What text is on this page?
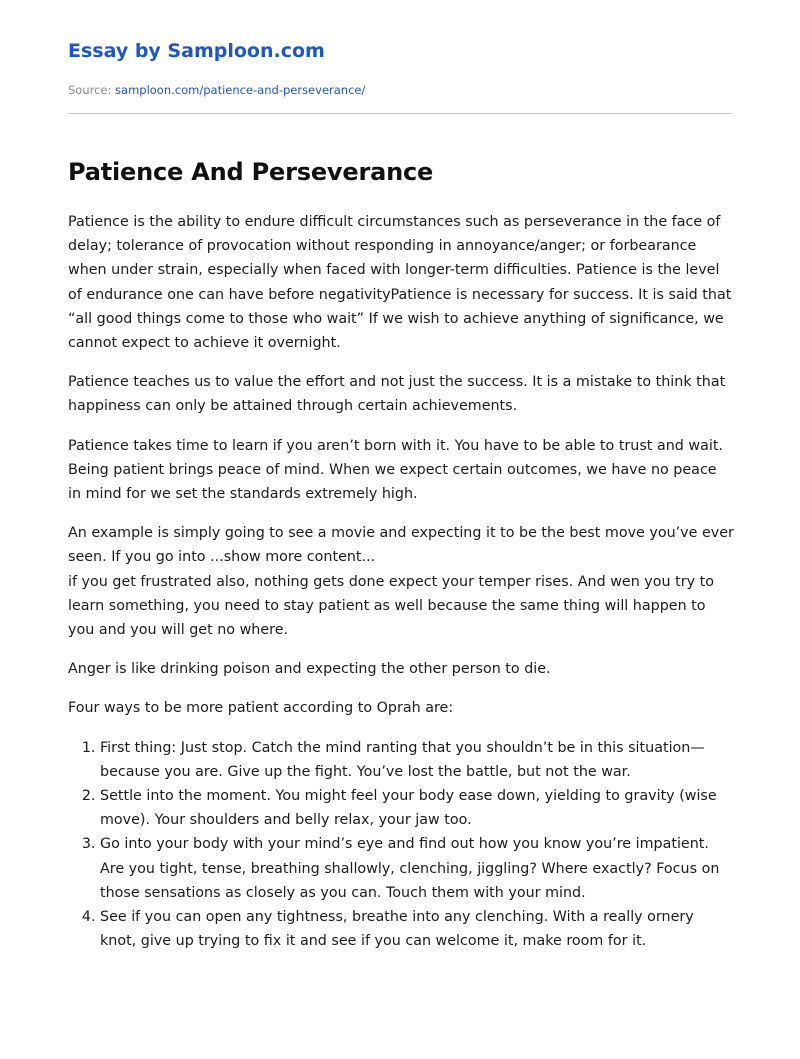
Essay by Samploon.com
Source: samploon.com/patience-and-perseverance/
Patience And Perseverance

Patience is the ability to endure difficult circumstances such as perseverance in the face of delay; tolerance of provocation without responding in annoyance/anger; or forbearance when under strain, especially when faced with longer-term difficulties. Patience is the level of endurance one can have before negativityPatience is necessary for success. It is said that “all good things come to those who wait” If we wish to achieve anything of significance, we cannot expect to achieve it overnight.

Patience teaches us to value the effort and not just the success. It is a mistake to think that happiness can only be attained through certain achievements.

Patience takes time to learn if you aren’t born with it. You have to be able to trust and wait. Being patient brings peace of mind. When we expect certain outcomes, we have no peace in mind for we set the standards extremely high.

An example is simply going to see a movie and expecting it to be the best move you’ve ever seen. If you go into ...show more content...

if you get frustrated also, nothing gets done expect your temper rises. And wen you try to learn something, you need to stay patient as well because the same thing will happen to you and you will get no where.

Anger is like drinking poison and expecting the other person to die.

Four ways to be more patient according to Oprah are:

1. First thing: Just stop. Catch the mind ranting that you shouldn’t be in this situation—because you are. Give up the fight. You’ve lost the battle, but not the war.
2. Settle into the moment. You might feel your body ease down, yielding to gravity (wise move). Your shoulders and belly relax, your jaw too.
3. Go into your body with your mind’s eye and find out how you know you’re impatient. Are you tight, tense, breathing shallowly, clenching, jiggling? Where exactly? Focus on those sensations as closely as you can. Touch them with your mind.
4. See if you can open any tightness, breathe into any clenching. With a really ornery knot, give up trying to fix it and see if you can welcome it, make room for it.
